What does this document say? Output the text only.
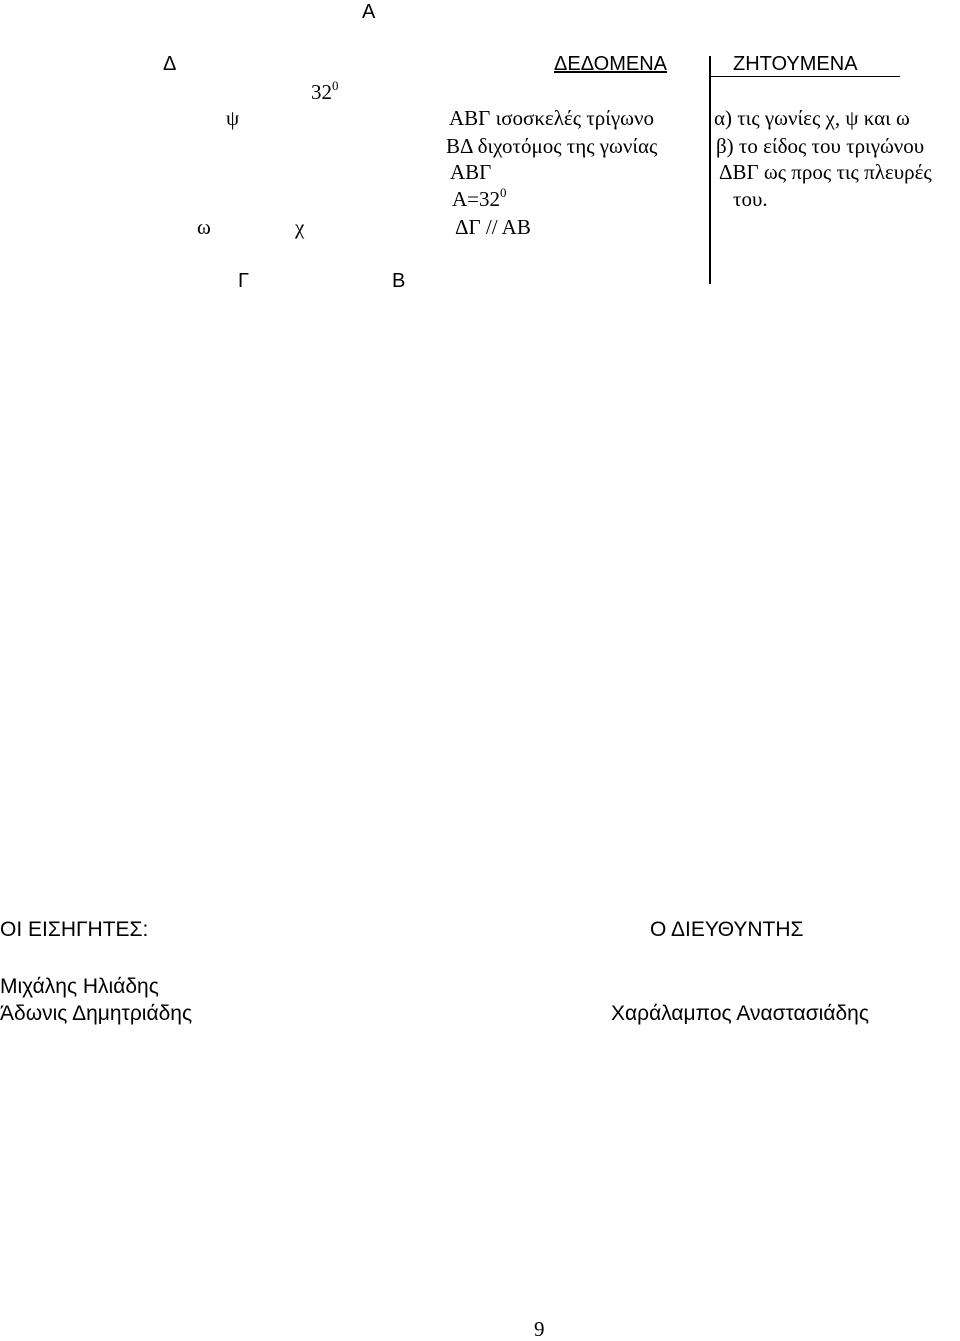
Α
Δ
$32^0$
ψ
ω	χ
Γ	Β
ΔΕΔΟΜΕΝΑ	ΖΗΤΟΥΜΕΝΑ
ΑΒΓ ισοσκελές τρίγωνο
ΒΔ διχοτόμος της γωνίας
ΑΒΓ
$A=32^0$
ΔΓ // ΑΒ
α) τις γωνίες χ, ψ και ω
β) το είδος του τριγώνου
ΔΒΓ ως προς τις πλευρές
του.
ΟΙ ΕΙΣΗΓΗΤΕΣ:
Μιχάλης Ηλιάδης
Άδωνις Δημητριάδης
Ο ΔΙΕΥΘΥΝΤΗΣ
Χαράλαμπος Αναστασιάδης
9
